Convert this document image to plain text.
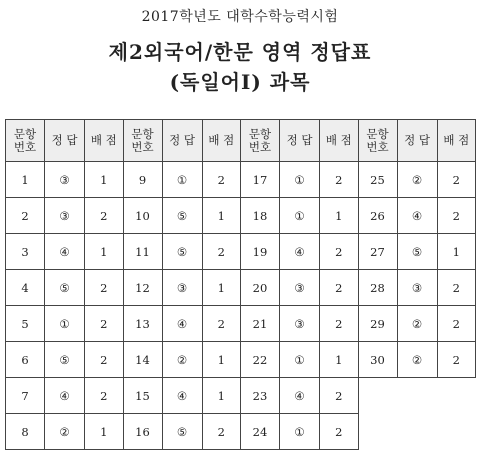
2017학년도 대학수학능력시험
제2외국어/한문 영역 정답표
(독일어Ⅰ) 과목
문항
번호	정 답	배 점	문항
번호	정 답	배 점	문항
번호	정 답	배 점	문항
번호	정 답	배 점
1	③	1	9	①	2	17	①	2	25	②	2
2	③	2	10	⑤	1	18	①	1	26	④	2
3	④	1	11	⑤	2	19	④	2	27	⑤	1
4	⑤	2	12	③	1	20	③	2	28	③	2
5	①	2	13	④	2	21	③	2	29	②	2
6	⑤	2	14	②	1	22	①	1	30	②	2
7	④	2	15	④	1	23	④	2			
8	②	1	16	⑤	2	24	①	2			
